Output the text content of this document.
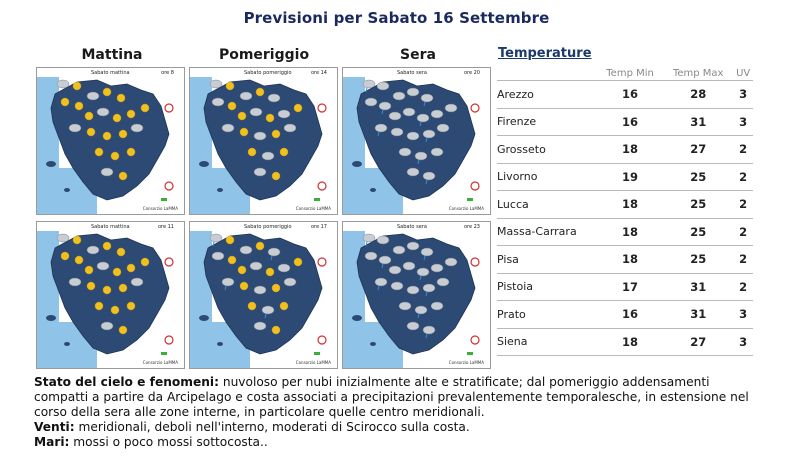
Previsioni per Sabato 16 Settembre
Mattina	Pomeriggio	Sera
Sabato mattina	ore 8
Consorzio LaMMA
Sabato pomeriggio	ore 14
Consorzio LaMMA
Sabato sera	ore 20
Consorzio LaMMA
Sabato mattina	ore 11
Consorzio LaMMA
Sabato pomeriggio	ore 17
Consorzio LaMMA
Sabato sera	ore 23
Consorzio LaMMA
Temperature
	Temp Min	Temp Max	UV
Arezzo	16	28	3
Firenze	16	31	3
Grosseto	18	27	2
Livorno	19	25	2
Lucca	18	25	2
Massa-Carrara	18	25	2
Pisa	18	25	2
Pistoia	17	31	2
Prato	16	31	3
Siena	18	27	3

Stato del cielo e fenomeni: nuvoloso per nubi inizialmente alte e stratificate; dal pomeriggio addensamenti compatti a partire da Arcipelago e costa associati a precipitazioni prevalentemente temporalesche, in estensione nel corso della sera alle zone interne, in particolare quelle centro meridionali.

Venti: meridionali, deboli nell'interno, moderati di Scirocco sulla costa.

Mari: mossi o poco mossi sottocosta..
